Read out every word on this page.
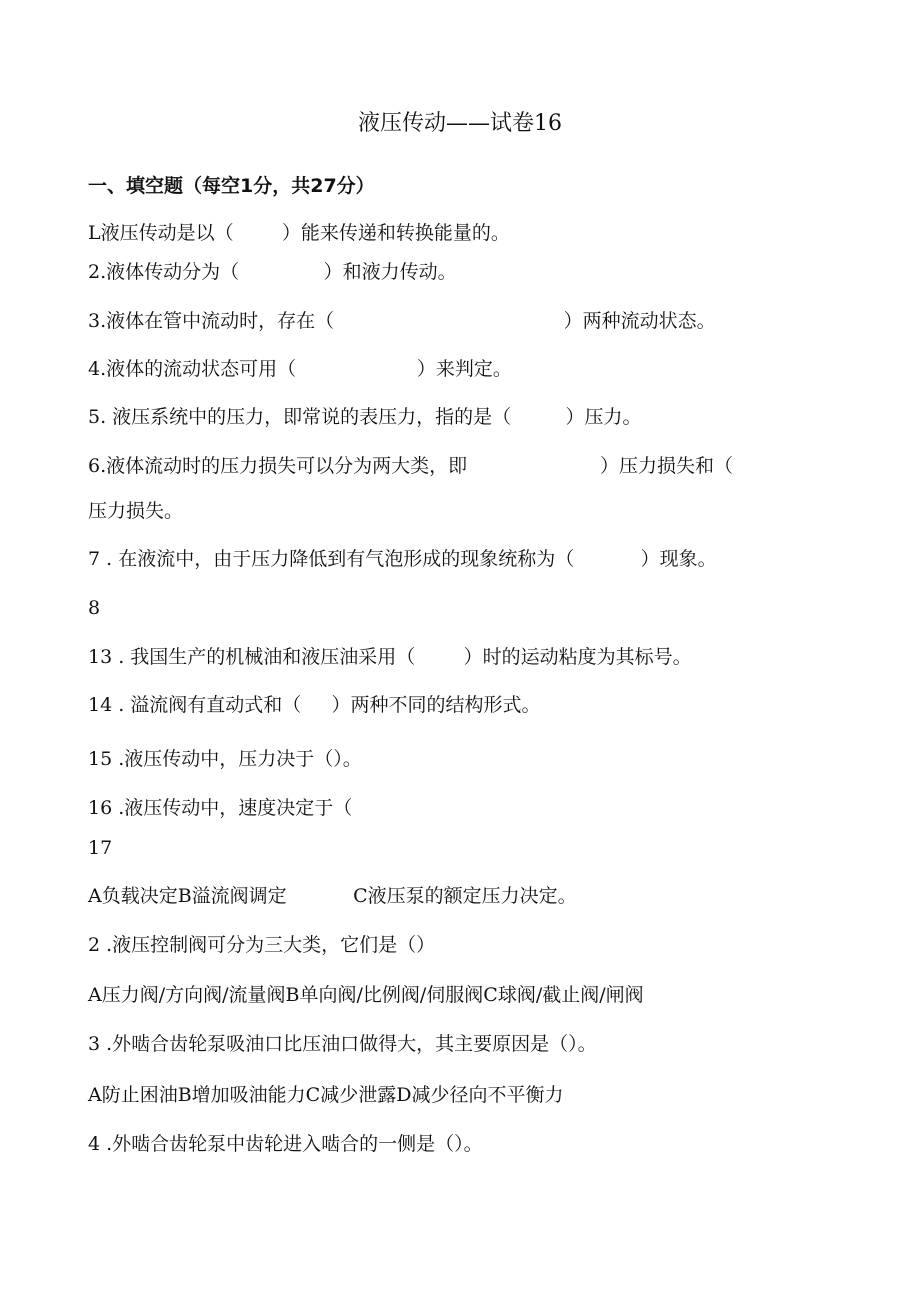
液压传动——试卷16
一、填空题（每空1分，共27分）
L液压传动是以（        ）能来传递和转换能量的。
2.液体传动分为（              ）和液力传动。
3.液体在管中流动时，存在（                                      ）两种流动状态。
4.液体的流动状态可用（                    ）来判定。
5. 液压系统中的压力，即常说的表压力，指的是（         ）压力。
6.液体流动时的压力损失可以分为两大类，即                      ）压力损失和（
压力损失。
7 . 在液流中，由于压力降低到有气泡形成的现象统称为（           ）现象。
8
13 . 我国生产的机械油和液压油采用（        ）时的运动粘度为其标号。
14 . 溢流阀有直动式和（     ）两种不同的结构形式。
15 .液压传动中，压力决于（）。
16 .液压传动中，速度决定于（
17
A负载决定B溢流阀调定           C液压泵的额定压力决定。
2 .液压控制阀可分为三大类，它们是（）
A压力阀/方向阀/流量阀B单向阀/比例阀/伺服阀C球阀/截止阀/闸阀
3 .外啮合齿轮泵吸油口比压油口做得大，其主要原因是（）。
A防止困油B增加吸油能力C减少泄露D减少径向不平衡力
4 .外啮合齿轮泵中齿轮进入啮合的一侧是（）。
